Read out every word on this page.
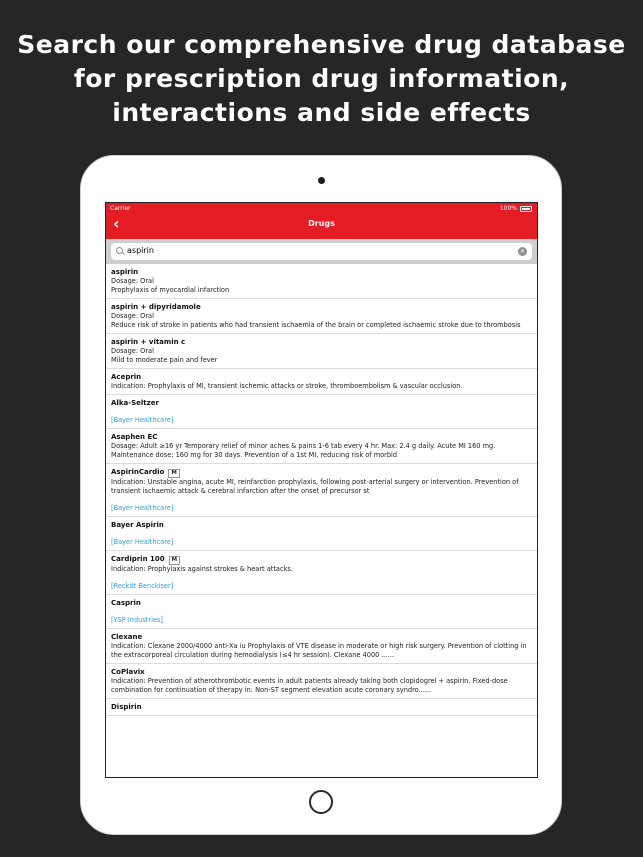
Search our comprehensive drug database
for prescription drug information,
interactions and side effects
Carrier	100%
‹	Drugs
aspirin	✕
aspirin
Dosage: Oral
Prophylaxis of myocardial infarction
aspirin + dipyridamole
Dosage: Oral
Reduce risk of stroke in patients who had transient ischaemia of the brain or completed ischaemic stroke due to thrombosis
aspirin + vitamin c
Dosage: Oral
Mild to moderate pain and fever
Aceprin
Indication: Prophylaxis of MI, transient ischemic attacks or stroke, thromboembolism & vascular occlusion.
Alka-Seltzer
[Bayer Healthcare]
Asaphen EC
Dosage: Adult ≥16 yr Temporary relief of minor aches & pains 1-6 tab every 4 hr. Max: 2.4 g daily. Acute MI 160 mg. Maintenance dose: 160 mg for 30 days. Prevention of a 1st MI, reducing risk of morbid
AspirinCardio M
Indication: Unstable angina, acute MI, reinfarction prophylaxis, following post-arterial surgery or intervention. Prevention of transient ischaemic attack & cerebral infarction after the onset of precursor st
[Bayer Healthcare]
Bayer Aspirin
[Bayer Healthcare]
Cardiprin 100 M
Indication: Prophylaxis against strokes & heart attacks.
[Reckitt Benckiser]
Casprin
[YSP Industries]
Clexane
Indication: Clexane 2000/4000 anti-Xa iu Prophylaxis of VTE disease in moderate or high risk surgery. Prevention of clotting in the extracorporeal circulation during hemodialysis (≤4 hr session). Clexane 4000 ......
CoPlavix
Indication: Prevention of atherothrombotic events in adult patients already taking both clopidogrel + aspirin. Fixed-dose combination for continuation of therapy in: Non-ST segment elevation acute coronary syndro......
Dispirin
